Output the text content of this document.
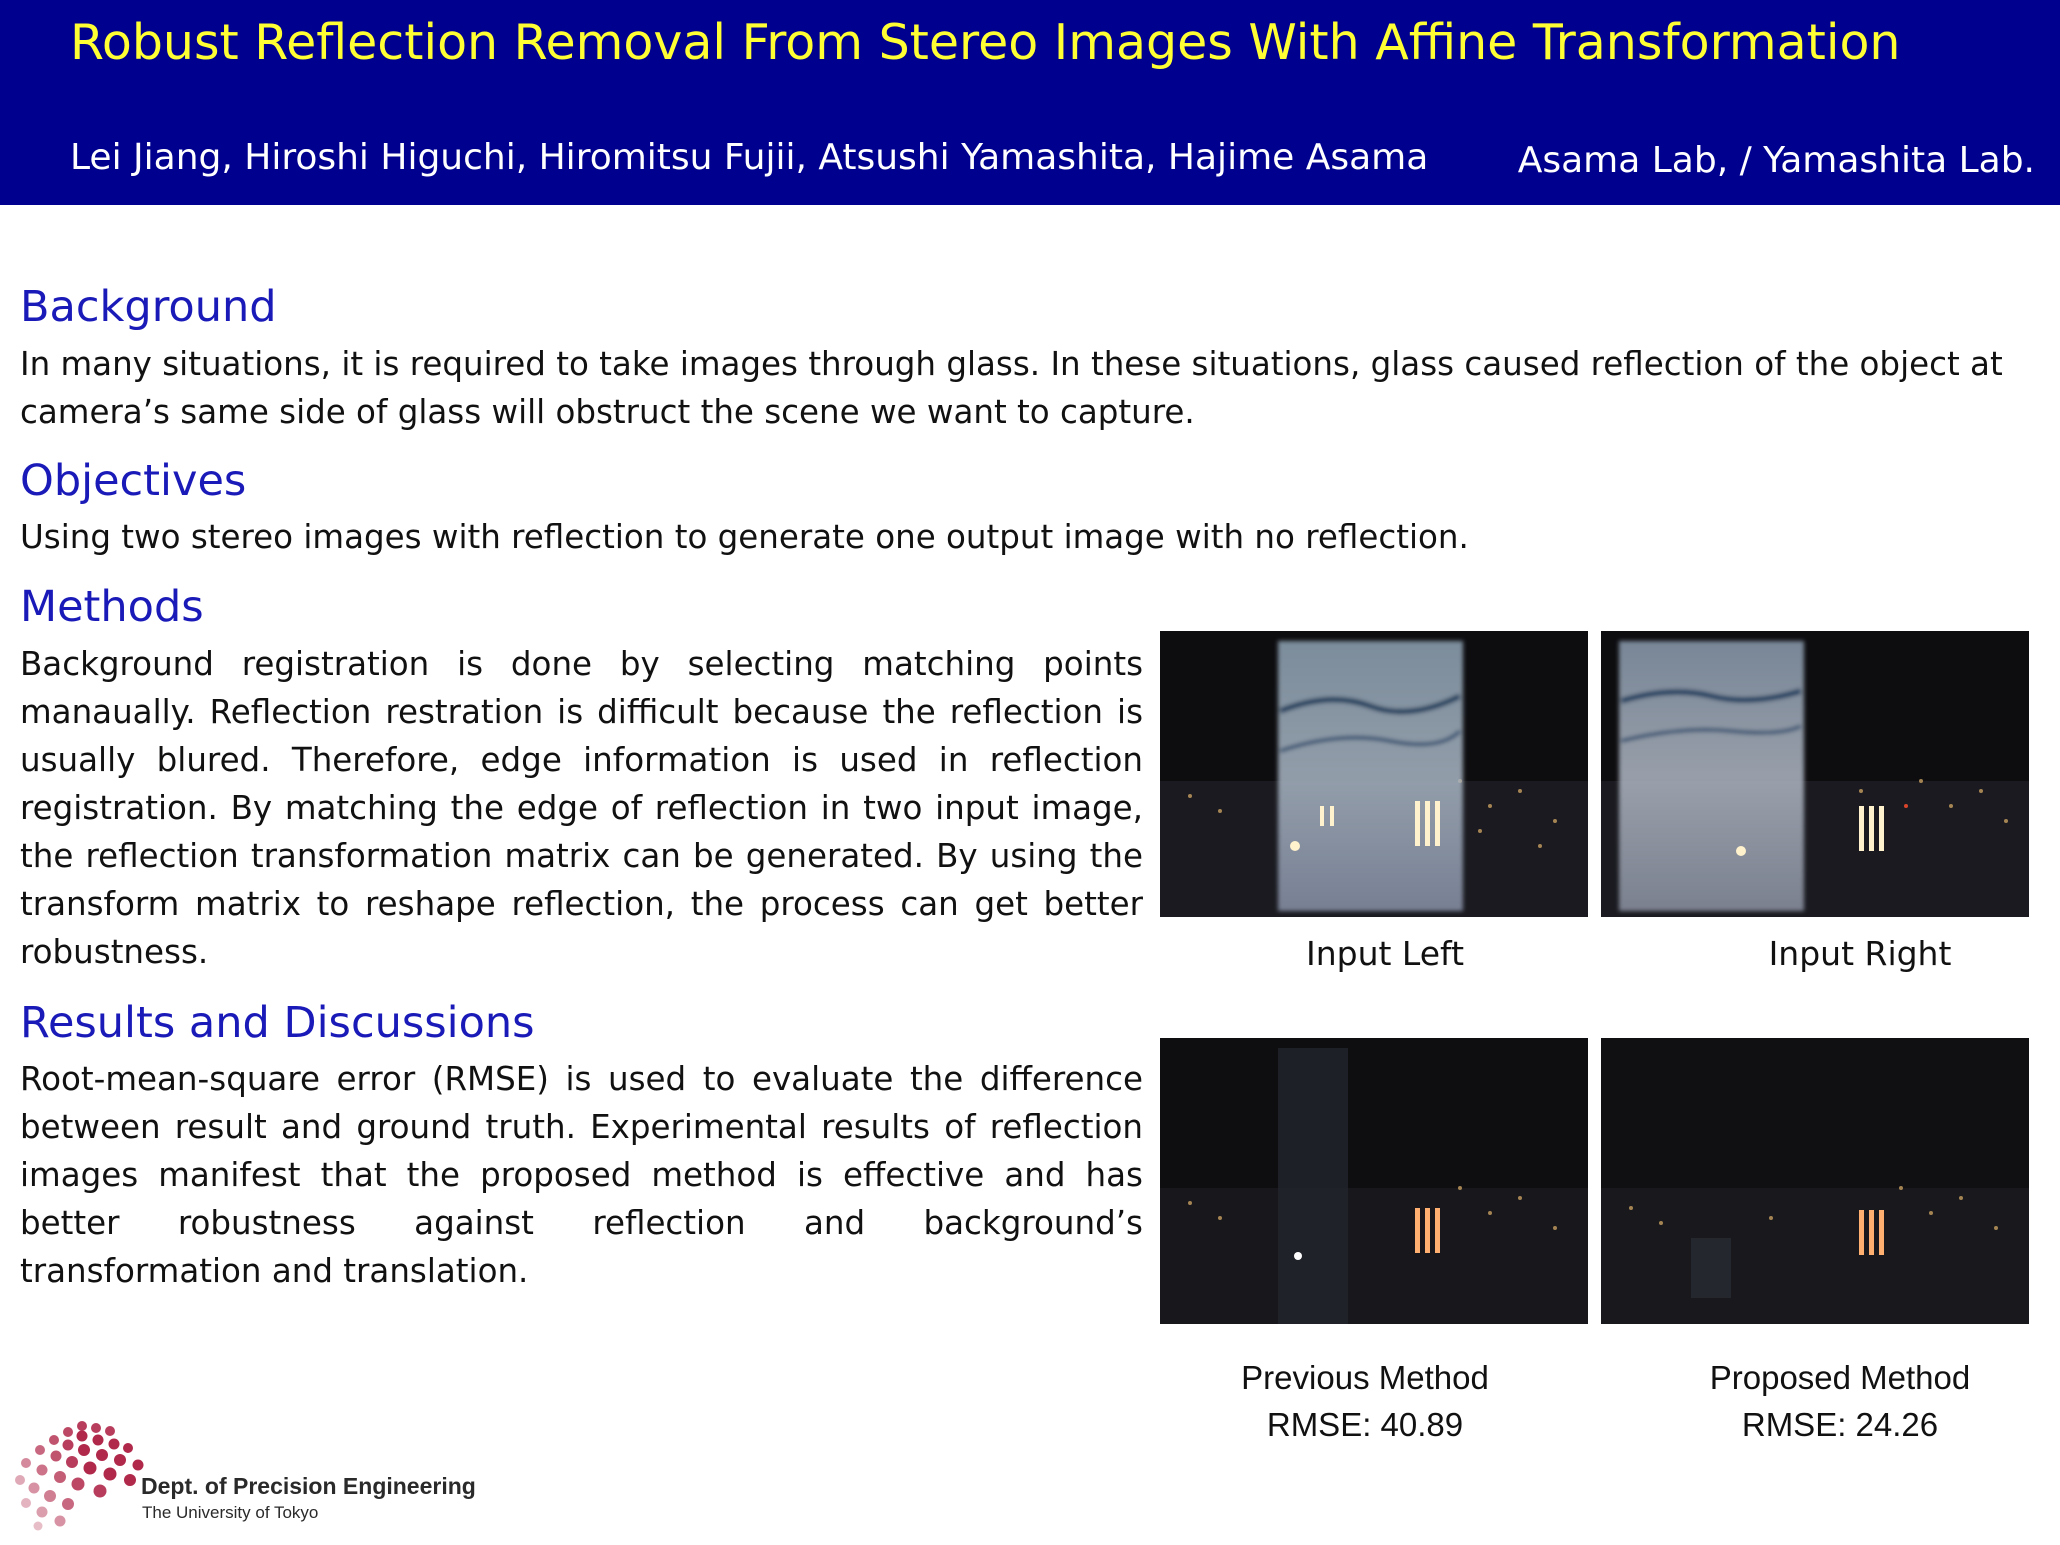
Robust Reflection Removal From Stereo Images With Affine Transformation
Lei Jiang, Hiroshi Higuchi, Hiromitsu Fujii, Atsushi Yamashita, Hajime Asama Asama Lab, / Yamashita Lab.
Background
In many situations, it is required to take images through glass. In these situations, glass caused reflection of the object at camera’s same side of glass will obstruct the scene we want to capture.
Objectives
Using two stereo images with reflection to generate one output image with no reflection.
Methods
Background registration is done by selecting matching points manaually. Reflection restration is difficult because the reflection is usually blured. Therefore, edge information is used in reflection registration. By matching the edge of reflection in two input image, the reflection transformation matrix can be generated. By using the transform matrix to reshape reflection, the process can get better robustness.
Results and Discussions
Root-mean-square error (RMSE) is used to evaluate the difference between result and ground truth. Experimental results of reflection images manifest that the proposed method is effective and has better robustness against reflection and background’s transformation and translation.
Input Left	Input Right
Previous Method
RMSE: 40.89
Proposed Method
RMSE: 24.26
Dept. of Precision Engineering
The University of Tokyo
